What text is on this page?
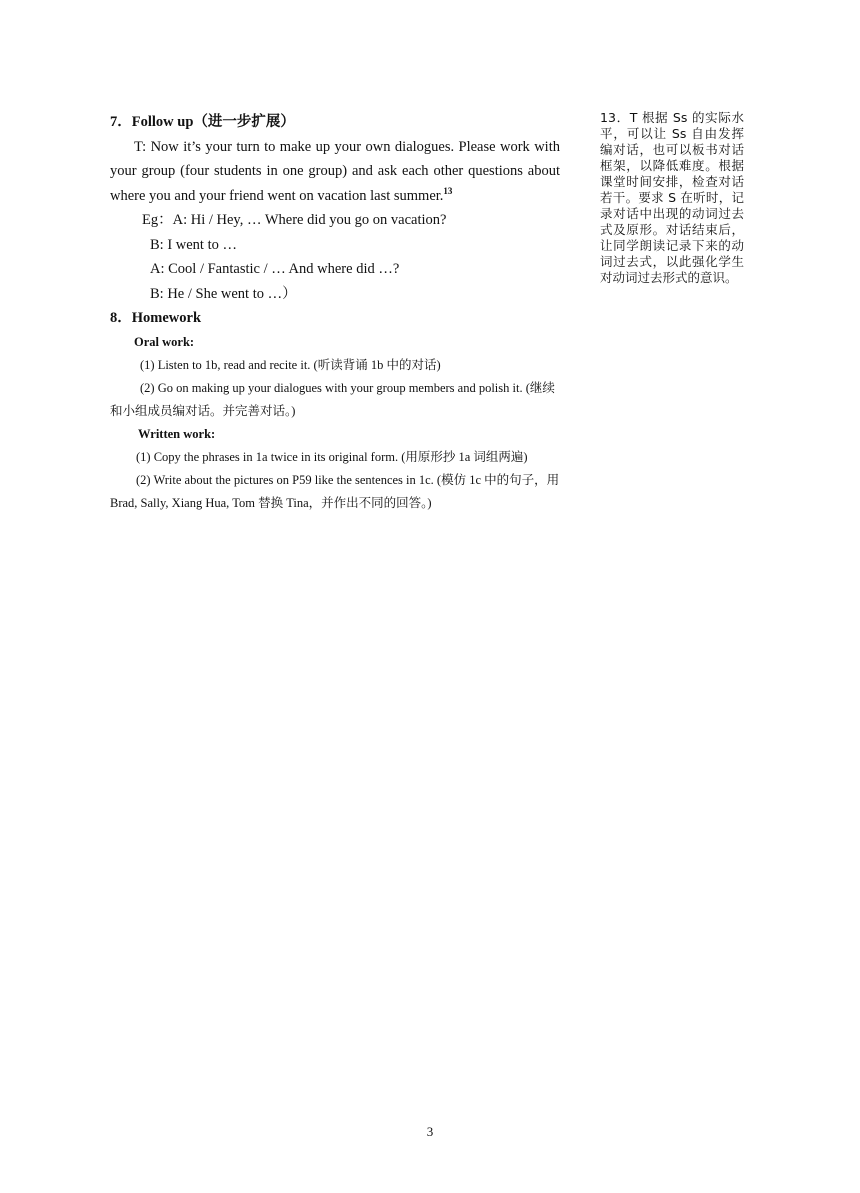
7．Follow up（进一步扩展）

T: Now it’s your turn to make up your own dialogues. Please work with your group (four students in one group) and ask each other questions about where you and your friend went on vacation last summer.$^{13}$

Eg：A: Hi / Hey, … Where did you go on vacation?

B: I went to …

A: Cool / Fantastic / … And where did …?

B: He / She went to …）

8．Homework

Oral work:

(1) Listen to 1b, read and recite it. (听读背诵 1b 中的对话)

(2) Go on making up your dialogues with your group members and polish it. (继续和小组成员编对话。并完善对话。)

Written work:

(1) Copy the phrases in 1a twice in its original form. (用原形抄 1a 词组两遍)

(2) Write about the pictures on P59 like the sentences in 1c. (模仿 1c 中的句子，用 Brad, Sally, Xiang Hua, Tom 替换 Tina，并作出不同的回答。)

13．T 根据 Ss 的实际水平，可以让 Ss 自由发挥编对话，也可以板书对话框架，以降低难度。根据课堂时间安排，检查对话若干。要求 S 在听时，记录对话中出现的动词过去式及原形。对话结束后，让同学朗读记录下来的动词过去式，以此强化学生对动词过去形式的意识。
3
